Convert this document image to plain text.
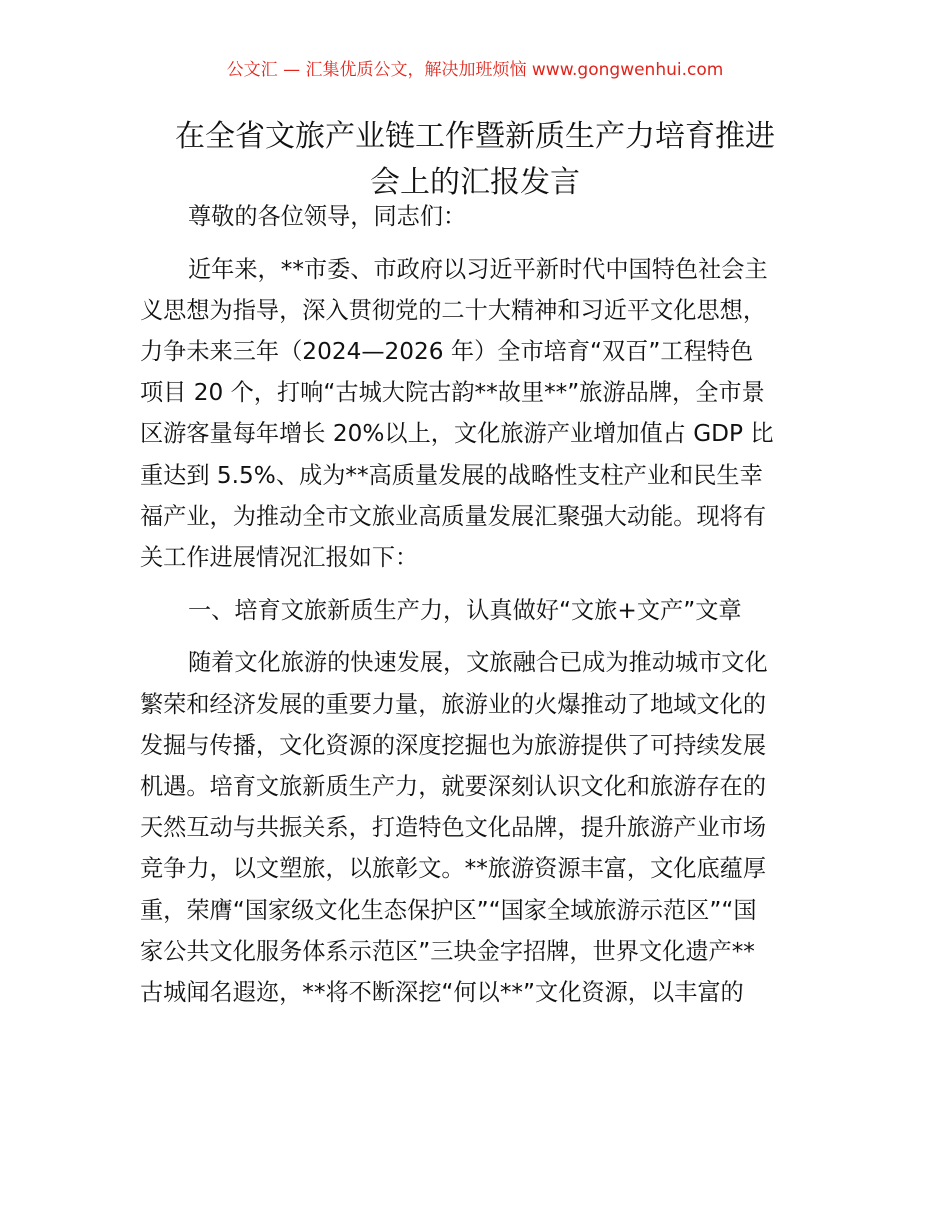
公文汇 — 汇集优质公文，解决加班烦恼 www.gongwenhui.com
在全省文旅产业链工作暨新质生产力培育推进
会上的汇报发言
尊敬的各位领导，同志们：
近年来，**市委、市政府以习近平新时代中国特色社会主
义思想为指导，深入贯彻党的二十大精神和习近平文化思想，
力争未来三年（2024—2026 年）全市培育“双百”工程特色
项目 20 个，打响“古城大院古韵**故里**”旅游品牌，全市景
区游客量每年增长 20%以上，文化旅游产业增加值占 GDP 比
重达到 5.5%、成为**高质量发展的战略性支柱产业和民生幸
福产业，为推动全市文旅业高质量发展汇聚强大动能。现将有
关工作进展情况汇报如下：
一、培育文旅新质生产力，认真做好“文旅+文产”文章
随着文化旅游的快速发展，文旅融合已成为推动城市文化
繁荣和经济发展的重要力量，旅游业的火爆推动了地域文化的
发掘与传播，文化资源的深度挖掘也为旅游提供了可持续发展
机遇。培育文旅新质生产力，就要深刻认识文化和旅游存在的
天然互动与共振关系，打造特色文化品牌，提升旅游产业市场
竞争力，以文塑旅，以旅彰文。**旅游资源丰富，文化底蕴厚
重，荣膺“国家级文化生态保护区”“国家全域旅游示范区”“国
家公共文化服务体系示范区”三块金字招牌，世界文化遗产**
古城闻名遐迩，**将不断深挖“何以**”文化资源，以丰富的
